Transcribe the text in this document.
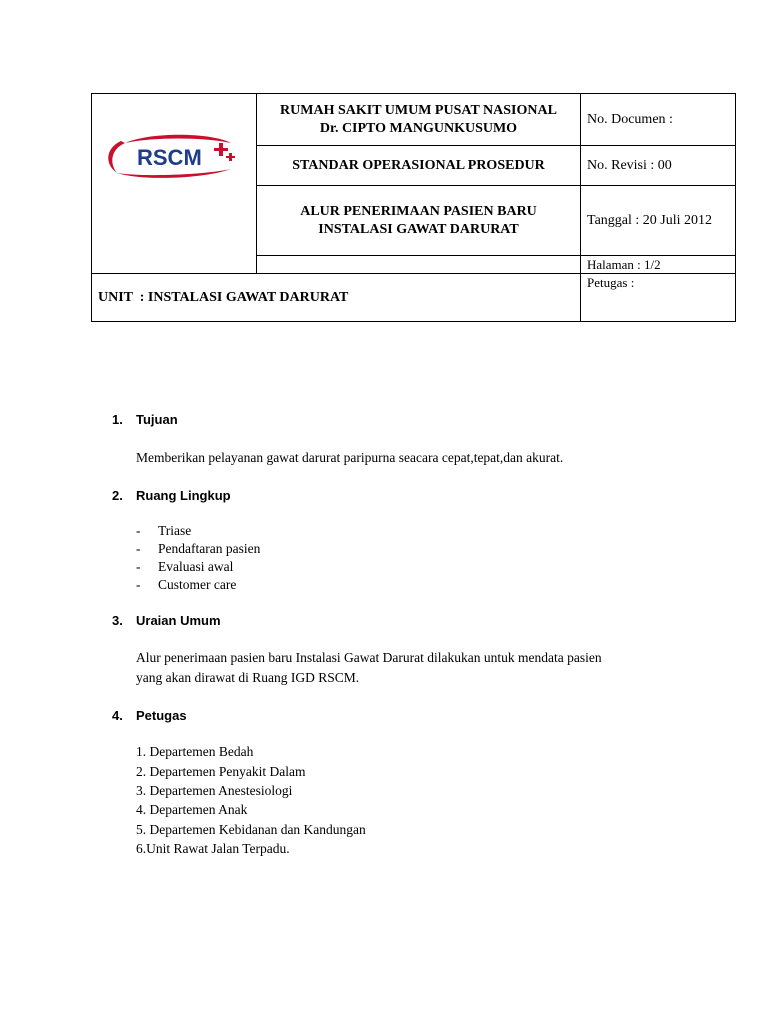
RSCM
RUMAH SAKIT UMUM PUSAT NASIONAL
Dr. CIPTO MANGUNKUSUMO
No. Documen :
STANDAR OPERASIONAL PROSEDUR	No. Revisi : 00
ALUR PENERIMAAN PASIEN BARU
INSTALASI GAWAT DARURAT
Tanggal : 20 Juli 2012
Halaman : 1/2
UNIT  : INSTALASI GAWAT DARURAT
Petugas :
1. Tujuan
Memberikan pelayanan gawat darurat paripurna seacara cepat,tepat,dan akurat.
2. Ruang Lingkup
- Triase
- Pendaftaran pasien
- Evaluasi awal
- Customer care
3. Uraian Umum
Alur penerimaan pasien baru Instalasi Gawat Darurat dilakukan untuk mendata pasien
yang akan dirawat di Ruang IGD RSCM.
4. Petugas
1. Departemen Bedah
2. Departemen Penyakit Dalam
3. Departemen Anestesiologi
4. Departemen Anak
5. Departemen Kebidanan dan Kandungan
6.Unit Rawat Jalan Terpadu.
